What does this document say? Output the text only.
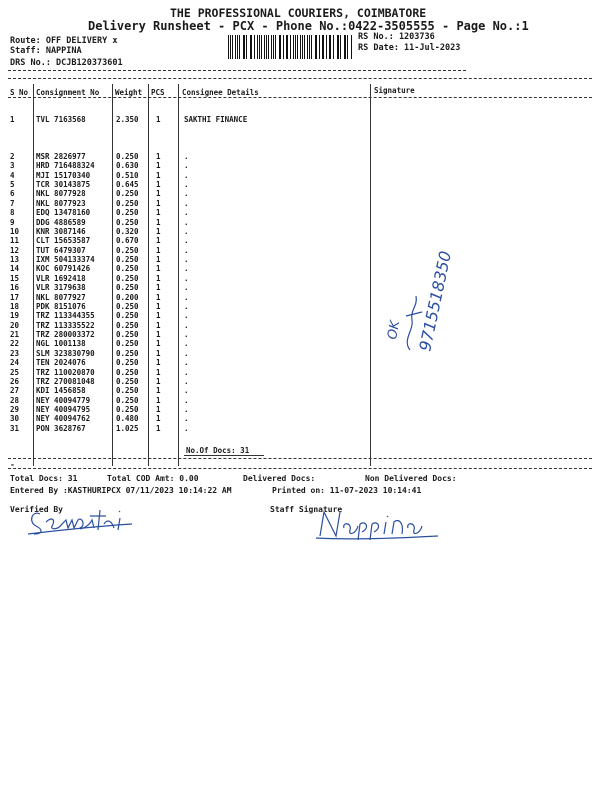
THE PROFESSIONAL COURIERS, COIMBATORE
Delivery Runsheet - PCX - Phone No.:0422-3505555 - Page No.:1
Route: OFF DELIVERY x
Staff: NAPPINA
DRS No.: DCJB120373601
RS No.: 1203736
RS Date: 11-Jul-2023
S No Consignment No Weight PCS Consignee Details	Signature
1	TVL 7163568	2.350 1	SAKTHI FINANCE
2	MSR 2826977	0.250 1	.
3	HRD 716488324	0.630 1	.
4	MJI 15170340	0.510 1	.
5	TCR 30143875	0.645 1	.
6	NKL 8077928	0.250 1	.
7	NKL 8077923	0.250 1	.
8	EDQ 13478160	0.250 1	.
9	DDG 4886589	0.250 1	.
10 KNR 3087146	0.320 1	.
11 CLT 15653587	0.670 1	.
12 TUT 6479307	0.250 1	.
13 IXM 504133374	0.250 1	.
14 KOC 60791426	0.250 1	.
15 VLR 1692418	0.250 1	.
16 VLR 3179638	0.250 1	.
17 NKL 8077927	0.200 1	.
18 PDK 8151076	0.250 1	.
19 TRZ 113344355	0.250 1	.
20 TRZ 113335522	0.250 1	.
21 TRZ 280003372	0.250 1	.
22 NGL 1001138	0.250 1	.
23 SLM 323830790	0.250 1	.
24 TEN 2024076	0.250 1	.
25 TRZ 110020870	0.250 1	.
26 TRZ 270081048	0.250 1	.
27 KDI 1456858	0.250 1	.
28 NEY 40094779	0.250 1	.
29 NEY 40094795	0.250 1	.
30 NEY 40094762	0.480 1	.
31 PON 3628767	1.025 1	.
No.Of Docs: 31
-
Total Docs: 31	Total COD Amt: 0.00	Delivered Docs:	Non Delivered Docs:
Entered By :KASTHURIPCX 07/11/2023 10:14:22 AM	Printed on: 11-07-2023 10:14:41
Verified By	Staff Signature
9715518350
OK
